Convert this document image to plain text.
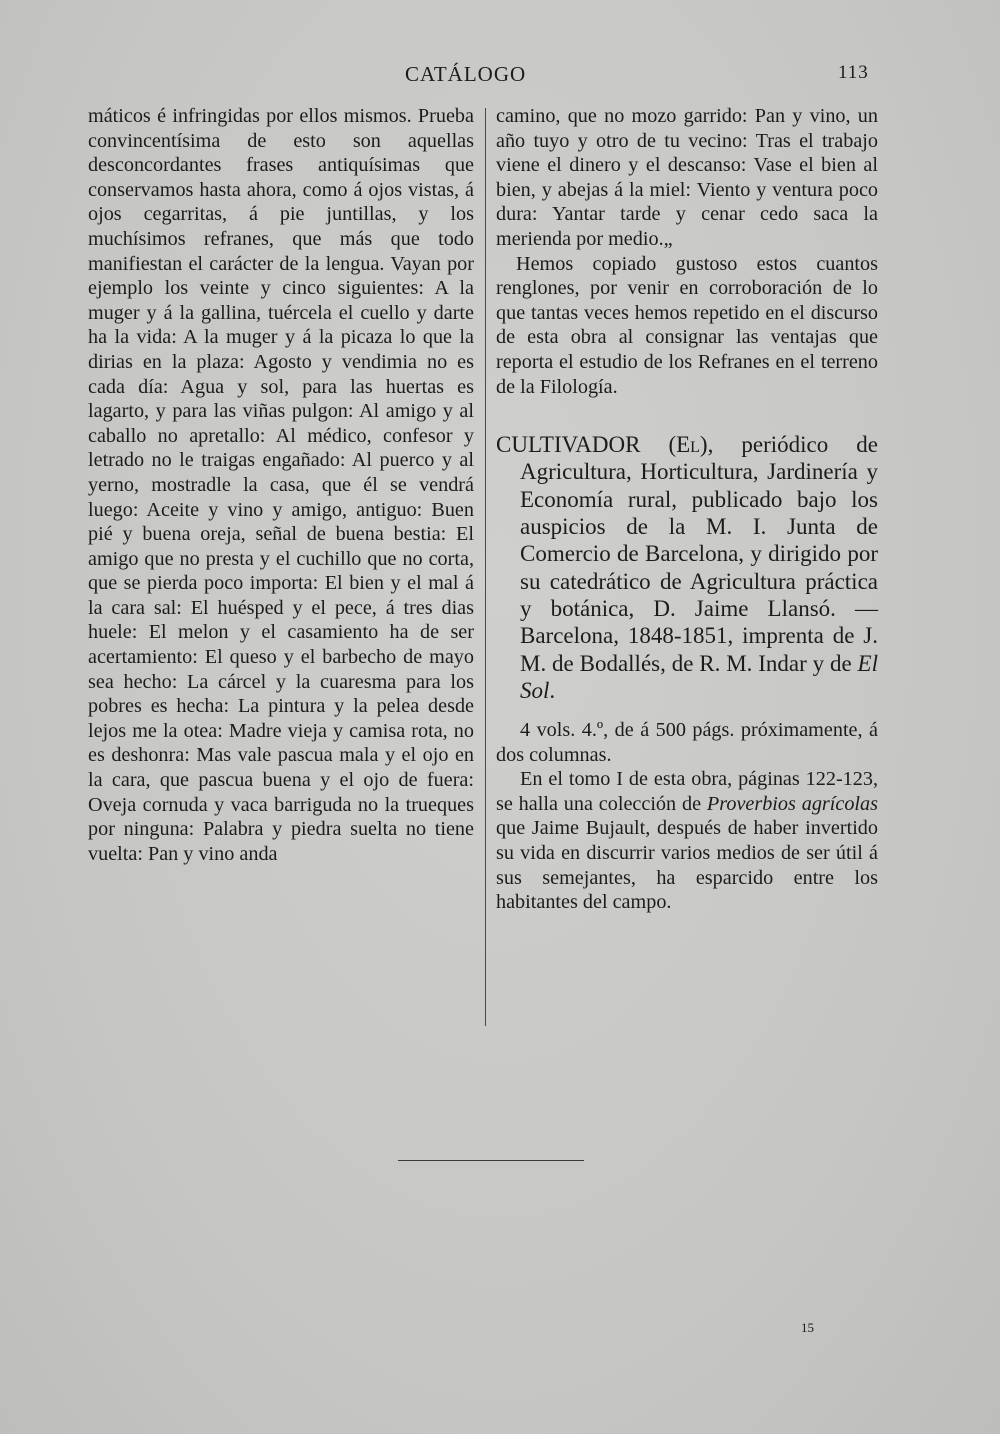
CATÁLOGO	113

máticos é infringidas por ellos mismos. Prueba convincentísima de esto son aquellas desconcordantes frases antiquísimas que conservamos hasta ahora, como á ojos vistas, á ojos cegarritas, á pie juntillas, y los muchísimos refranes, que más que todo manifiestan el carácter de la lengua. Vayan por ejemplo los veinte y cinco siguientes: A la muger y á la gallina, tuércela el cuello y darte ha la vida: A la muger y á la picaza lo que la dirias en la plaza: Agosto y vendimia no es cada día: Agua y sol, para las huertas es lagarto, y para las viñas pulgon: Al amigo y al caballo no apretallo: Al médico, confesor y letrado no le traigas engañado: Al puerco y al yerno, mostradle la casa, que él se vendrá luego: Aceite y vino y amigo, antiguo: Buen pié y buena oreja, señal de buena bestia: El amigo que no presta y el cuchillo que no corta, que se pierda poco importa: El bien y el mal á la cara sal: El huésped y el pece, á tres dias huele: El melon y el casamiento ha de ser acertamiento: El queso y el barbecho de mayo sea hecho: La cárcel y la cuaresma para los pobres es hecha: La pintura y la pelea desde lejos me la otea: Madre vieja y camisa rota, no es deshonra: Mas vale pascua mala y el ojo en la cara, que pascua buena y el ojo de fuera: Oveja cornuda y vaca barriguda no la trueques por ninguna: Palabra y piedra suelta no tiene vuelta: Pan y vino anda

camino, que no mozo garrido: Pan y vino, un año tuyo y otro de tu vecino: Tras el trabajo viene el dinero y el descanso: Vase el bien al bien, y abejas á la miel: Viento y ventura poco dura: Yantar tarde y cenar cedo saca la merienda por medio.„

Hemos copiado gustoso estos cuantos renglones, por venir en corroboración de lo que tantas veces hemos repetido en el discurso de esta obra al consignar las ventajas que reporta el estudio de los Refranes en el terreno de la Filología.

CULTIVADOR (El), periódico de Agricultura, Horticultura, Jardinería y Economía rural, publicado bajo los auspicios de la M. I. Junta de Comercio de Barcelona, y dirigido por su catedrático de Agricultura práctica y botánica, D. Jaime Llansó. — Barcelona, 1848-1851, imprenta de J. M. de Bodallés, de R. M. Indar y de El Sol.

4 vols. 4.º, de á 500 págs. próximamente, á dos columnas.

En el tomo I de esta obra, páginas 122-123, se halla una colección de Proverbios agrícolas que Jaime Bujault, después de haber invertido su vida en discurrir varios medios de ser útil á sus semejantes, ha esparcido entre los habitantes del campo.

15
